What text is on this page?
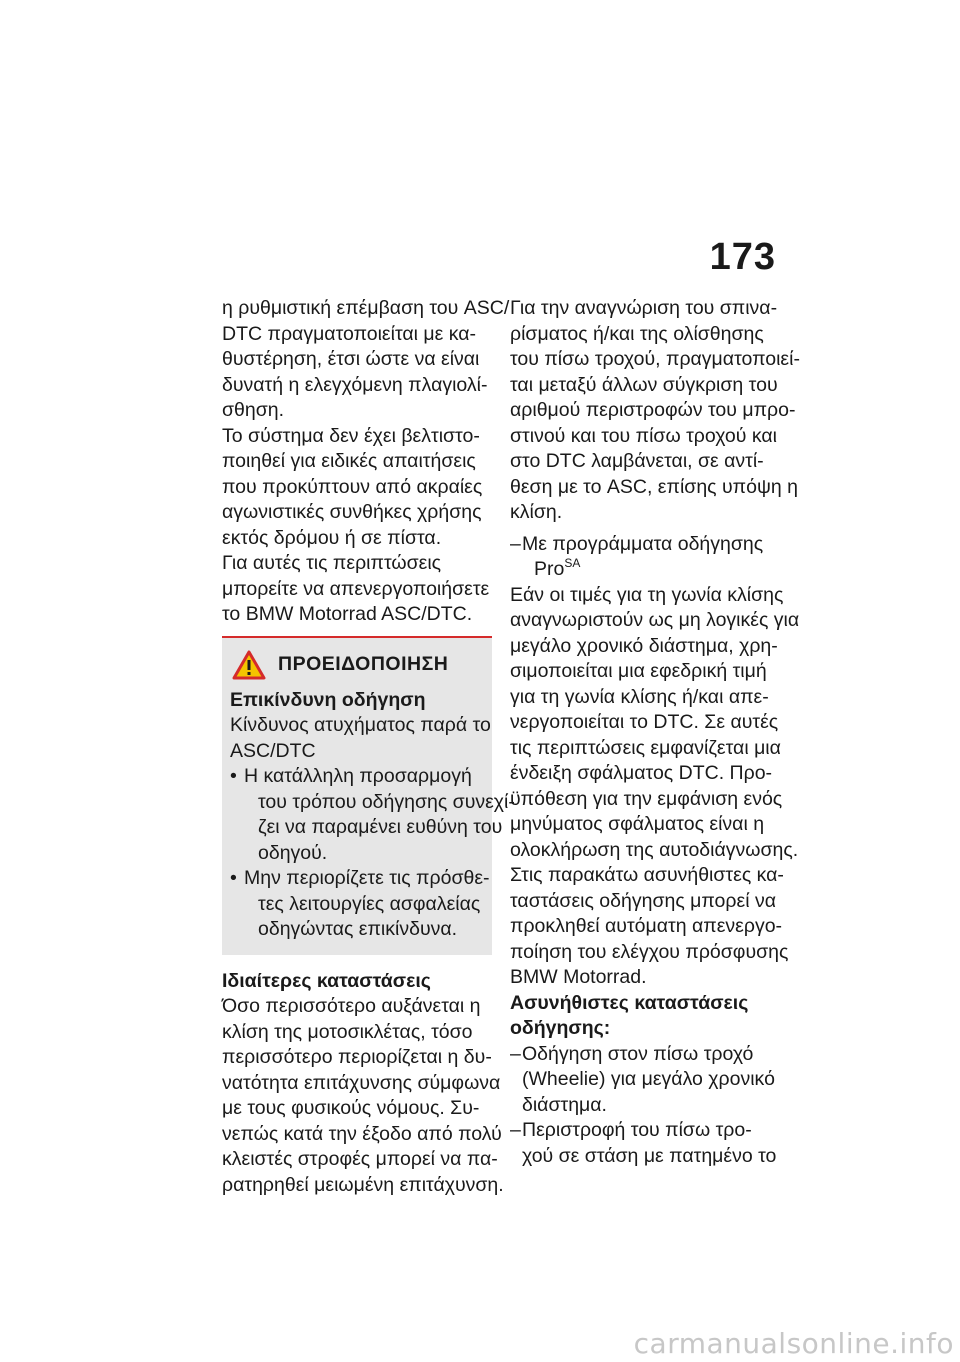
173
η ρυθμιστική επέμβαση του ASC/
DTC πραγματοποιείται με κα-
θυστέρηση, έτσι ώστε να είναι
δυνατή η ελεγχόμενη πλαγιολί-
σθηση.
Το σύστημα δεν έχει βελτιστο-
ποιηθεί για ειδικές απαιτήσεις
που προκύπτουν από ακραίες
αγωνιστικές συνθήκες χρήσης
εκτός δρόμου ή σε πίστα.
Για αυτές τις περιπτώσεις
μπορείτε να απενεργοποιήσετε
το BMW Motorrad ASC/DTC.
ΠΡΟΕΙΔΟΠΟΙΗΣΗ
Επικίνδυνη οδήγηση
Κίνδυνος ατυχήματος παρά το
ASC/DTC
• Η κατάλληλη προσαρμογή
του τρόπου οδήγησης συνεχί-
ζει να παραμένει ευθύνη του
οδηγού.
• Μην περιορίζετε τις πρόσθε-
τες λειτουργίες ασφαλείας
οδηγώντας επικίνδυνα.
Ιδιαίτερες καταστάσεις
Όσο περισσότερο αυξάνεται η
κλίση της μοτοσικλέτας, τόσο
περισσότερο περιορίζεται η δυ-
νατότητα επιτάχυνσης σύμφωνα
με τους φυσικούς νόμους. Συ-
νεπώς κατά την έξοδο από πολύ
κλειστές στροφές μπορεί να πα-
ρατηρηθεί μειωμένη επιτάχυνση.
Για την αναγνώριση του σπινα-
ρίσματος ή/και της ολίσθησης
του πίσω τροχού, πραγματοποιεί-
ται μεταξύ άλλων σύγκριση του
αριθμού περιστροφών του μπρο-
στινού και του πίσω τροχού και
στο DTC λαμβάνεται, σε αντί-
θεση με το ASC, επίσης υπόψη η
κλίση.
– Με προγράμματα οδήγησης
Pro$^{SA}$
Εάν οι τιμές για τη γωνία κλίσης
αναγνωριστούν ως μη λογικές για
μεγάλο χρονικό διάστημα, χρη-
σιμοποιείται μια εφεδρική τιμή
για τη γωνία κλίσης ή/και απε-
νεργοποιείται το DTC. Σε αυτές
τις περιπτώσεις εμφανίζεται μια
ένδειξη σφάλματος DTC. Προ-
ϋπόθεση για την εμφάνιση ενός
μηνύματος σφάλματος είναι η
ολοκλήρωση της αυτοδιάγνωσης.
Στις παρακάτω ασυνήθιστες κα-
ταστάσεις οδήγησης μπορεί να
προκληθεί αυτόματη απενεργο-
ποίηση του ελέγχου πρόσφυσης
BMW Motorrad.
Ασυνήθιστες καταστάσεις
οδήγησης:
– Οδήγηση στον πίσω τροχό
(Wheelie) για μεγάλο χρονικό
διάστημα.
– Περιστροφή του πίσω τρο-
χού σε στάση με πατημένο το
carmanualsonline.info
